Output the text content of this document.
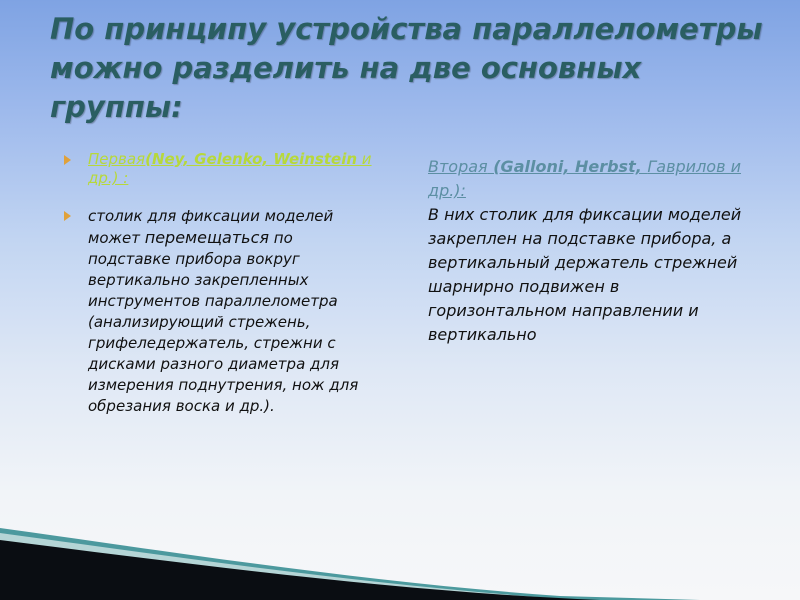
По принципу устройства параллелометры можно разделить на две основных группы:
Первая(Ney, Gelenko, Weinstein и др.) :
столик для фиксации моделей может перемещаться по подставке прибора вокруг вертикально закрепленных инструментов параллелометра (анализирующий стрежень, грифеледержатель, стрежни с дисками разного диаметра для измерения поднутрения, нож для обрезания воска и др.).
Вторая (Galloni, Herbst, Гаврилов и др.):
В них столик для фиксации моделей закреплен на подставке прибора, а вертикальный держатель стрежней шарнирно подвижен в горизонтальном направлении и вертикально
